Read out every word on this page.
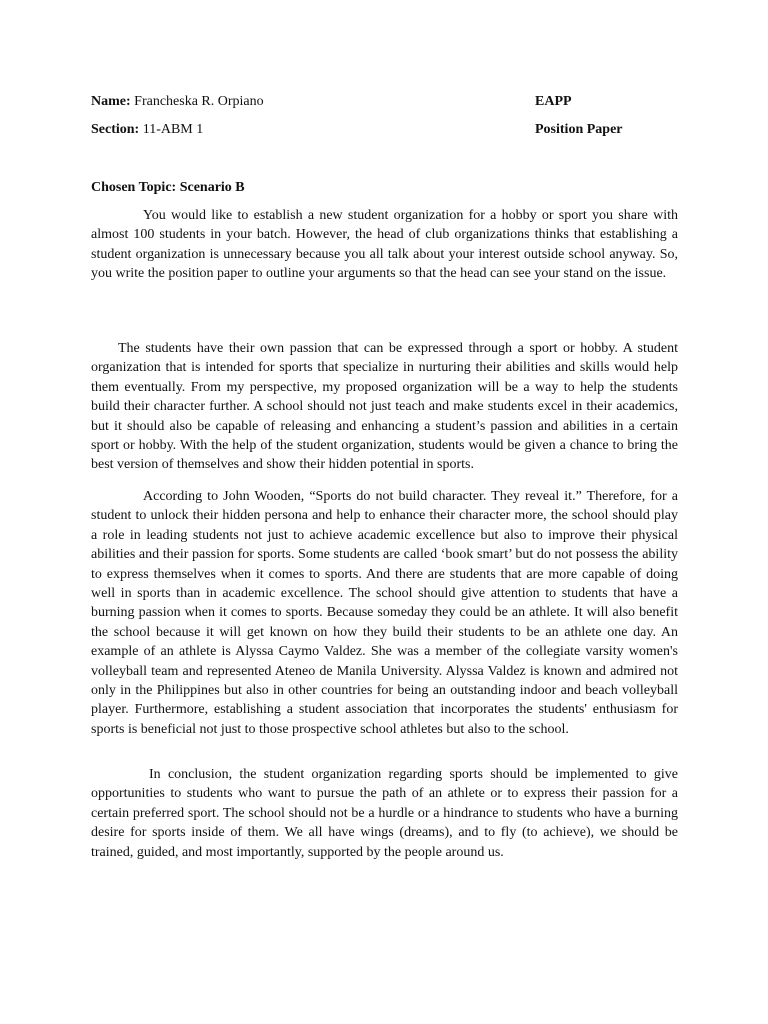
Name: Francheska R. Orpiano
Section: 11-ABM 1
EAPP
Position Paper
Chosen Topic: Scenario B

You would like to establish a new student organization for a hobby or sport you share with almost 100 students in your batch. However, the head of club organizations thinks that establishing a student organization is unnecessary because you all talk about your interest outside school anyway. So, you write the position paper to outline your arguments so that the head can see your stand on the issue.

The students have their own passion that can be expressed through a sport or hobby. A student organization that is intended for sports that specialize in nurturing their abilities and skills would help them eventually. From my perspective, my proposed organization will be a way to help the students build their character further. A school should not just teach and make students excel in their academics, but it should also be capable of releasing and enhancing a student’s passion and abilities in a certain sport or hobby. With the help of the student organization, students would be given a chance to bring the best version of themselves and show their hidden potential in sports.

According to John Wooden, “Sports do not build character. They reveal it.” Therefore, for a student to unlock their hidden persona and help to enhance their character more, the school should play a role in leading students not just to achieve academic excellence but also to improve their physical abilities and their passion for sports. Some students are called ‘book smart’ but do not possess the ability to express themselves when it comes to sports. And there are students that are more capable of doing well in sports than in academic excellence. The school should give attention to students that have a burning passion when it comes to sports. Because someday they could be an athlete. It will also benefit the school because it will get known on how they build their students to be an athlete one day. An example of an athlete is Alyssa Caymo Valdez. She was a member of the collegiate varsity women's volleyball team and represented Ateneo de Manila University. Alyssa Valdez is known and admired not only in the Philippines but also in other countries for being an outstanding indoor and beach volleyball player. Furthermore, establishing a student association that incorporates the students' enthusiasm for sports is beneficial not just to those prospective school athletes but also to the school.

In conclusion, the student organization regarding sports should be implemented to give opportunities to students who want to pursue the path of an athlete or to express their passion for a certain preferred sport. The school should not be a hurdle or a hindrance to students who have a burning desire for sports inside of them. We all have wings (dreams), and to fly (to achieve), we should be trained, guided, and most importantly, supported by the people around us.
